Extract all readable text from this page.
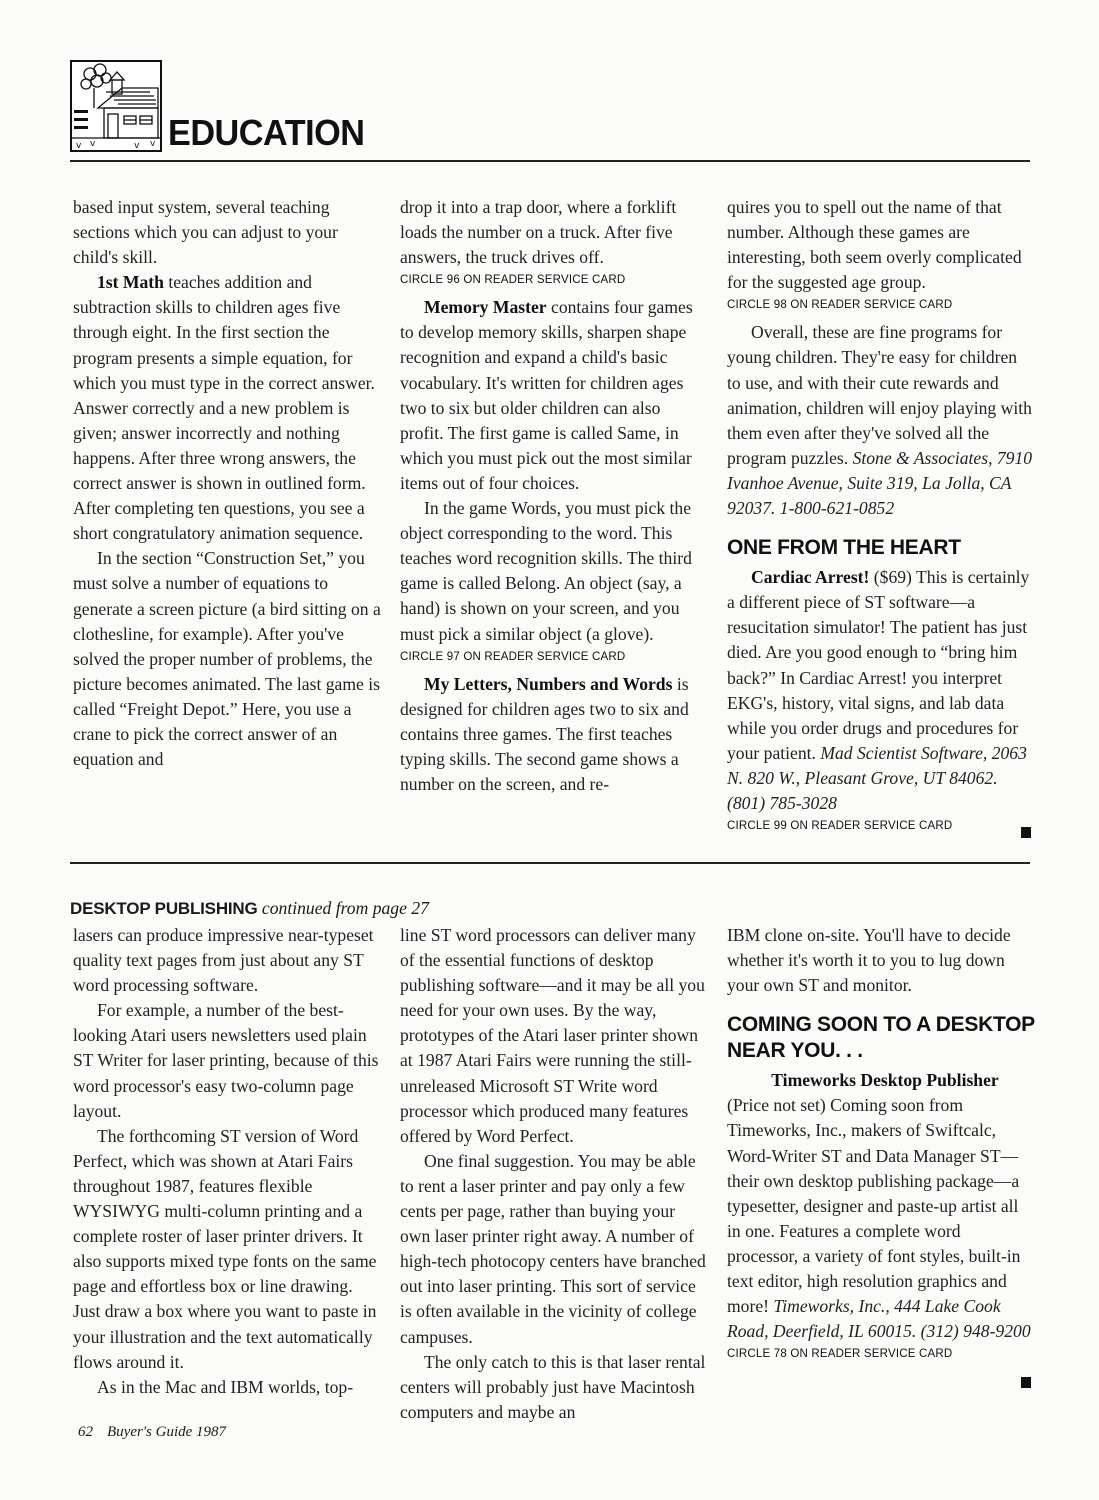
v v	v v EDUCATION

based input system, several teaching sections which you can adjust to your child's skill.

1st Math teaches addition and subtraction skills to children ages five through eight. In the first section the program presents a simple equation, for which you must type in the correct answer. Answer correctly and a new problem is given; answer incorrectly and nothing happens. After three wrong answers, the correct answer is shown in outlined form. After completing ten questions, you see a short congratulatory animation sequence.

In the section “Construction Set,” you must solve a number of equations to generate a screen picture (a bird sitting on a clothesline, for example). After you've solved the proper number of problems, the picture becomes animated. The last game is called “Freight Depot.” Here, you use a crane to pick the correct answer of an equation and

drop it into a trap door, where a forklift loads the number on a truck. After five answers, the truck drives off.

CIRCLE 96 ON READER SERVICE CARD

Memory Master contains four games to develop memory skills, sharpen shape recognition and expand a child's basic vocabulary. It's written for children ages two to six but older children can also profit. The first game is called Same, in which you must pick out the most similar items out of four choices.

In the game Words, you must pick the object corresponding to the word. This teaches word recognition skills. The third game is called Belong. An object (say, a hand) is shown on your screen, and you must pick a similar object (a glove).

CIRCLE 97 ON READER SERVICE CARD

My Letters, Numbers and Words is designed for children ages two to six and contains three games. The first teaches typing skills. The second game shows a number on the screen, and re-

quires you to spell out the name of that number. Although these games are interesting, both seem overly complicated for the suggested age group.

CIRCLE 98 ON READER SERVICE CARD

Overall, these are fine programs for young children. They're easy for children to use, and with their cute rewards and animation, children will enjoy playing with them even after they've solved all the program puzzles. Stone & Associates, 7910 Ivanhoe Avenue, Suite 319, La Jolla, CA 92037. 1-800-621-0852

ONE FROM THE HEART

Cardiac Arrest! ($69) This is certainly a different piece of ST software—a resucitation simulator! The patient has just died. Are you good enough to “bring him back?” In Cardiac Arrest! you interpret EKG's, history, vital signs, and lab data while you order drugs and procedures for your patient. Mad Scientist Software, 2063 N. 820 W., Pleasant Grove, UT 84062. (801) 785-3028

CIRCLE 99 ON READER SERVICE CARD
DESKTOP PUBLISHING continued from page 27

lasers can produce impressive near-typeset quality text pages from just about any ST word processing software.

For example, a number of the best-looking Atari users newsletters used plain ST Writer for laser printing, because of this word processor's easy two-column page layout.

The forthcoming ST version of Word Perfect, which was shown at Atari Fairs throughout 1987, features flexible WYSIWYG multi-column printing and a complete roster of laser printer drivers. It also supports mixed type fonts on the same page and effortless box or line drawing. Just draw a box where you want to paste in your illustration and the text automatically flows around it.

As in the Mac and IBM worlds, top-

line ST word processors can deliver many of the essential functions of desktop publishing software—and it may be all you need for your own uses. By the way, prototypes of the Atari laser printer shown at 1987 Atari Fairs were running the still-unreleased Microsoft ST Write word processor which produced many features offered by Word Perfect.

One final suggestion. You may be able to rent a laser printer and pay only a few cents per page, rather than buying your own laser printer right away. A number of high-tech photocopy centers have branched out into laser printing. This sort of service is often available in the vicinity of college campuses.

The only catch to this is that laser rental centers will probably just have Macintosh computers and maybe an

IBM clone on-site. You'll have to decide whether it's worth it to you to lug down your own ST and monitor.

COMING SOON TO A DESKTOP NEAR YOU. . .

Timeworks Desktop Publisher

(Price not set) Coming soon from Timeworks, Inc., makers of Swiftcalc, Word-Writer ST and Data Manager ST—their own desktop publishing package—a typesetter, designer and paste-up artist all in one. Features a complete word processor, a variety of font styles, built-in text editor, high resolution graphics and more! Timeworks, Inc., 444 Lake Cook Road, Deerfield, IL 60015. (312) 948-9200

CIRCLE 78 ON READER SERVICE CARD
62 Buyer's Guide 1987
